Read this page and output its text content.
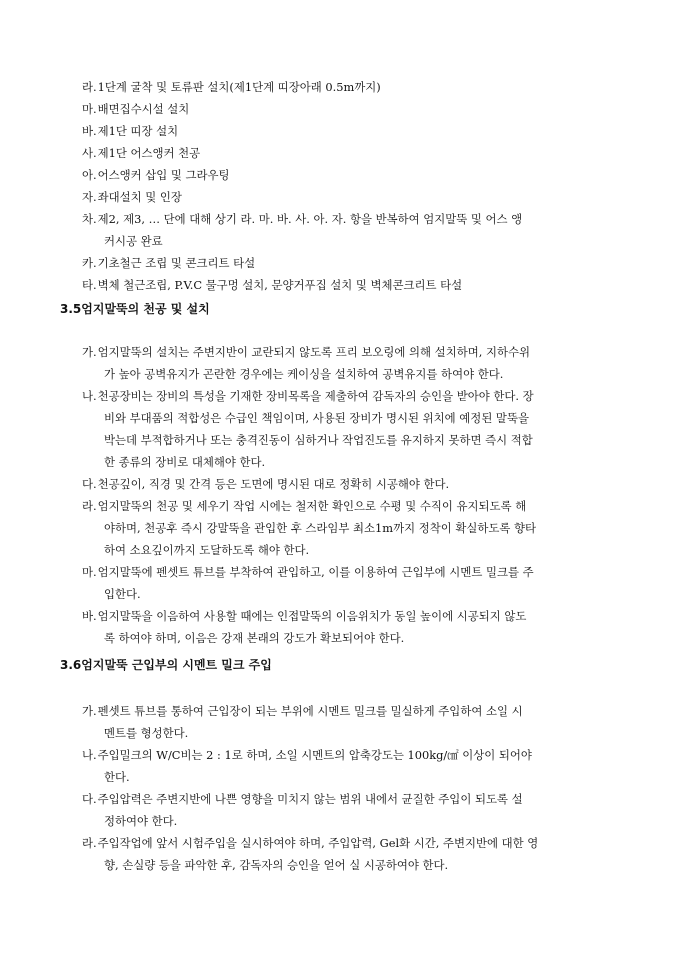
라. 1단계 굴착 및 토류판 설치(제1단계 띠장아래 0.5m까지)
마. 배면집수시설 설치
바. 제1단 띠장 설치
사. 제1단 어스앵커 천공
아. 어스앵커 삽입 및 그라우팅
자. 좌대설치 및 인장
차. 제2, 제3, … 단에 대해 상기 라. 마. 바. 사. 아. 자. 항을 반복하여 엄지말뚝 및 어스 앵
커시공 완료
카. 기초철근 조립 및 콘크리트 타설
타. 벽체 철근조립, P.V.C 물구멍 설치, 문양거푸집 설치 및 벽체콘크리트 타설
3.5엄지말뚝의 천공 및 설치
가. 엄지말뚝의 설치는 주변지반이 교란되지 않도록 프리 보오링에 의해 설치하며, 지하수위
가 높아 공벽유지가 곤란한 경우에는 케이싱을 설치하여 공벽유지를 하여야 한다.
나. 천공장비는 장비의 특성을 기재한 장비목록을 제출하여 감독자의 승인을 받아야 한다. 장
비와 부대품의 적합성은 수급인 책임이며, 사용된 장비가 명시된 위치에 예정된 말뚝을
박는데 부적합하거나 또는 충격진동이 심하거나 작업진도를 유지하지 못하면 즉시 적합
한 종류의 장비로 대체해야 한다.
다. 천공깊이, 직경 및 간격 등은 도면에 명시된 대로 정확히 시공해야 한다.
라. 엄지말뚝의 천공 및 세우기 작업 시에는 철저한 확인으로 수평 및 수직이 유지되도록 해
야하며, 천공후 즉시 강말뚝을 관입한 후 스라임부 최소1m까지 정착이 확실하도록 향타
하여 소요깊이까지 도달하도록 해야 한다.
마. 엄지말뚝에 펜셋트 튜브를 부착하여 관입하고, 이를 이용하여 근입부에 시멘트 밀크를 주
입한다.
바. 엄지말뚝을 이음하여 사용할 때에는 인접말뚝의 이음위치가 동일 높이에 시공되지 않도
록 하여야 하며, 이음은 강재 본래의 강도가 확보되어야 한다.
3.6엄지말뚝 근입부의 시멘트 밀크 주입
가. 펜셋트 튜브를 통하여 근입장이 되는 부위에 시멘트 밀크를 밀실하게 주입하여 소일 시
멘트를 형성한다.
나. 주입밀크의 W/C비는 2 : 1로 하며, 소일 시멘트의 압축강도는 100kg/㎠ 이상이 되어야
한다.
다. 주입압력은 주변지반에 나쁜 영향을 미치지 않는 범위 내에서 균질한 주입이 되도록 설
정하여야 한다.
라. 주입작업에 앞서 시험주입을 실시하여야 하며, 주입압력, Gel화 시간, 주변지반에 대한 영
향, 손실량 등을 파악한 후, 감독자의 승인을 얻어 실 시공하여야 한다.
